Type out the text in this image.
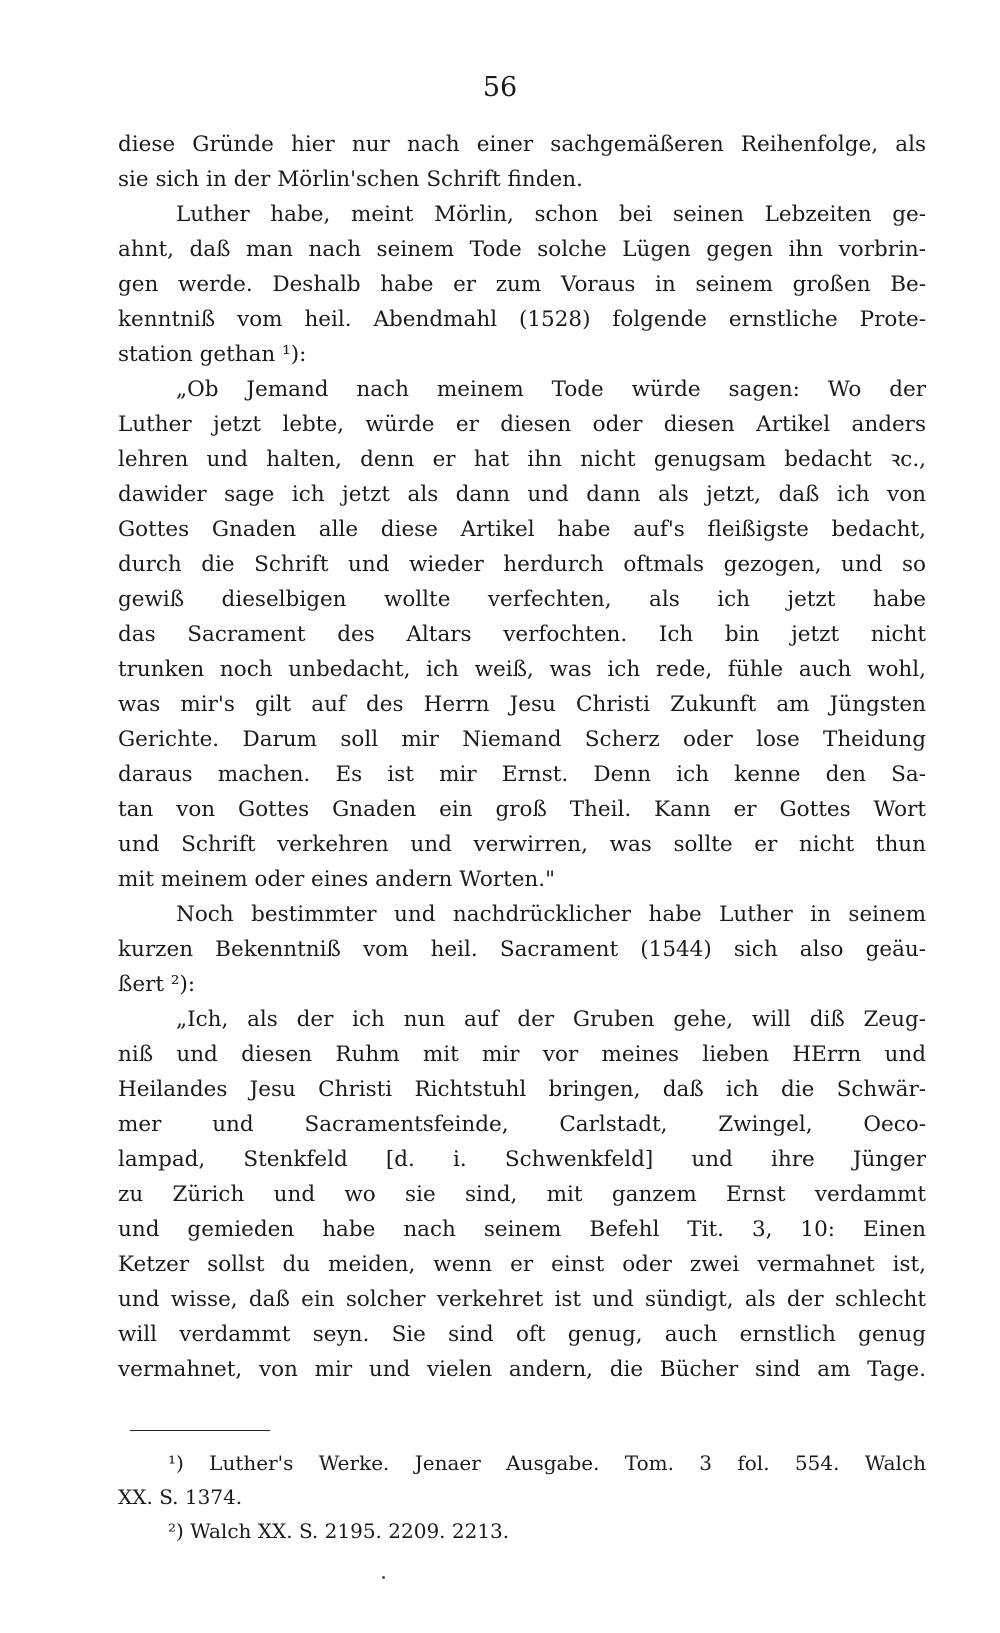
56
diese Gründe hier nur nach einer sachgemäßeren Reihenfolge, als
sie sich in der Mörlin'schen Schrift finden.
Luther habe, meint Mörlin, schon bei seinen Lebzeiten ge-
ahnt, daß man nach seinem Tode solche Lügen gegen ihn vorbrin-
gen werde. Deshalb habe er zum Voraus in seinem großen Be-
kenntniß vom heil. Abendmahl (1528) folgende ernstliche Prote-
station gethan ¹):
„Ob Jemand nach meinem Tode würde sagen: Wo der
Luther jetzt lebte, würde er diesen oder diesen Artikel anders
lehren und halten, denn er hat ihn nicht genugsam bedacht ꝛc.,
dawider sage ich jetzt als dann und dann als jetzt, daß ich von
Gottes Gnaden alle diese Artikel habe auf's fleißigste bedacht,
durch die Schrift und wieder herdurch oftmals gezogen, und so
gewiß dieselbigen wollte verfechten, als ich jetzt habe
das Sacrament des Altars verfochten. Ich bin jetzt nicht
trunken noch unbedacht, ich weiß, was ich rede, fühle auch wohl,
was mir's gilt auf des Herrn Jesu Christi Zukunft am Jüngsten
Gerichte. Darum soll mir Niemand Scherz oder lose Theidung
daraus machen. Es ist mir Ernst. Denn ich kenne den Sa-
tan von Gottes Gnaden ein groß Theil. Kann er Gottes Wort
und Schrift verkehren und verwirren, was sollte er nicht thun
mit meinem oder eines andern Worten."
Noch bestimmter und nachdrücklicher habe Luther in seinem
kurzen Bekenntniß vom heil. Sacrament (1544) sich also geäu-
ßert ²):
„Ich, als der ich nun auf der Gruben gehe, will diß Zeug-
niß und diesen Ruhm mit mir vor meines lieben HErrn und
Heilandes Jesu Christi Richtstuhl bringen, daß ich die Schwär-
mer und Sacramentsfeinde, Carlstadt, Zwingel, Oeco-
lampad, Stenkfeld [d. i. Schwenkfeld] und ihre Jünger
zu Zürich und wo sie sind, mit ganzem Ernst verdammt
und gemieden habe nach seinem Befehl Tit. 3, 10: Einen
Ketzer sollst du meiden, wenn er einst oder zwei vermahnet ist,
und wisse, daß ein solcher verkehret ist und sündigt, als der schlecht
will verdammt seyn. Sie sind oft genug, auch ernstlich genug
vermahnet, von mir und vielen andern, die Bücher sind am Tage.
¹) Luther's Werke. Jenaer Ausgabe. Tom. 3 fol. 554. Walch
XX. S. 1374.
²) Walch XX. S. 2195. 2209. 2213.
